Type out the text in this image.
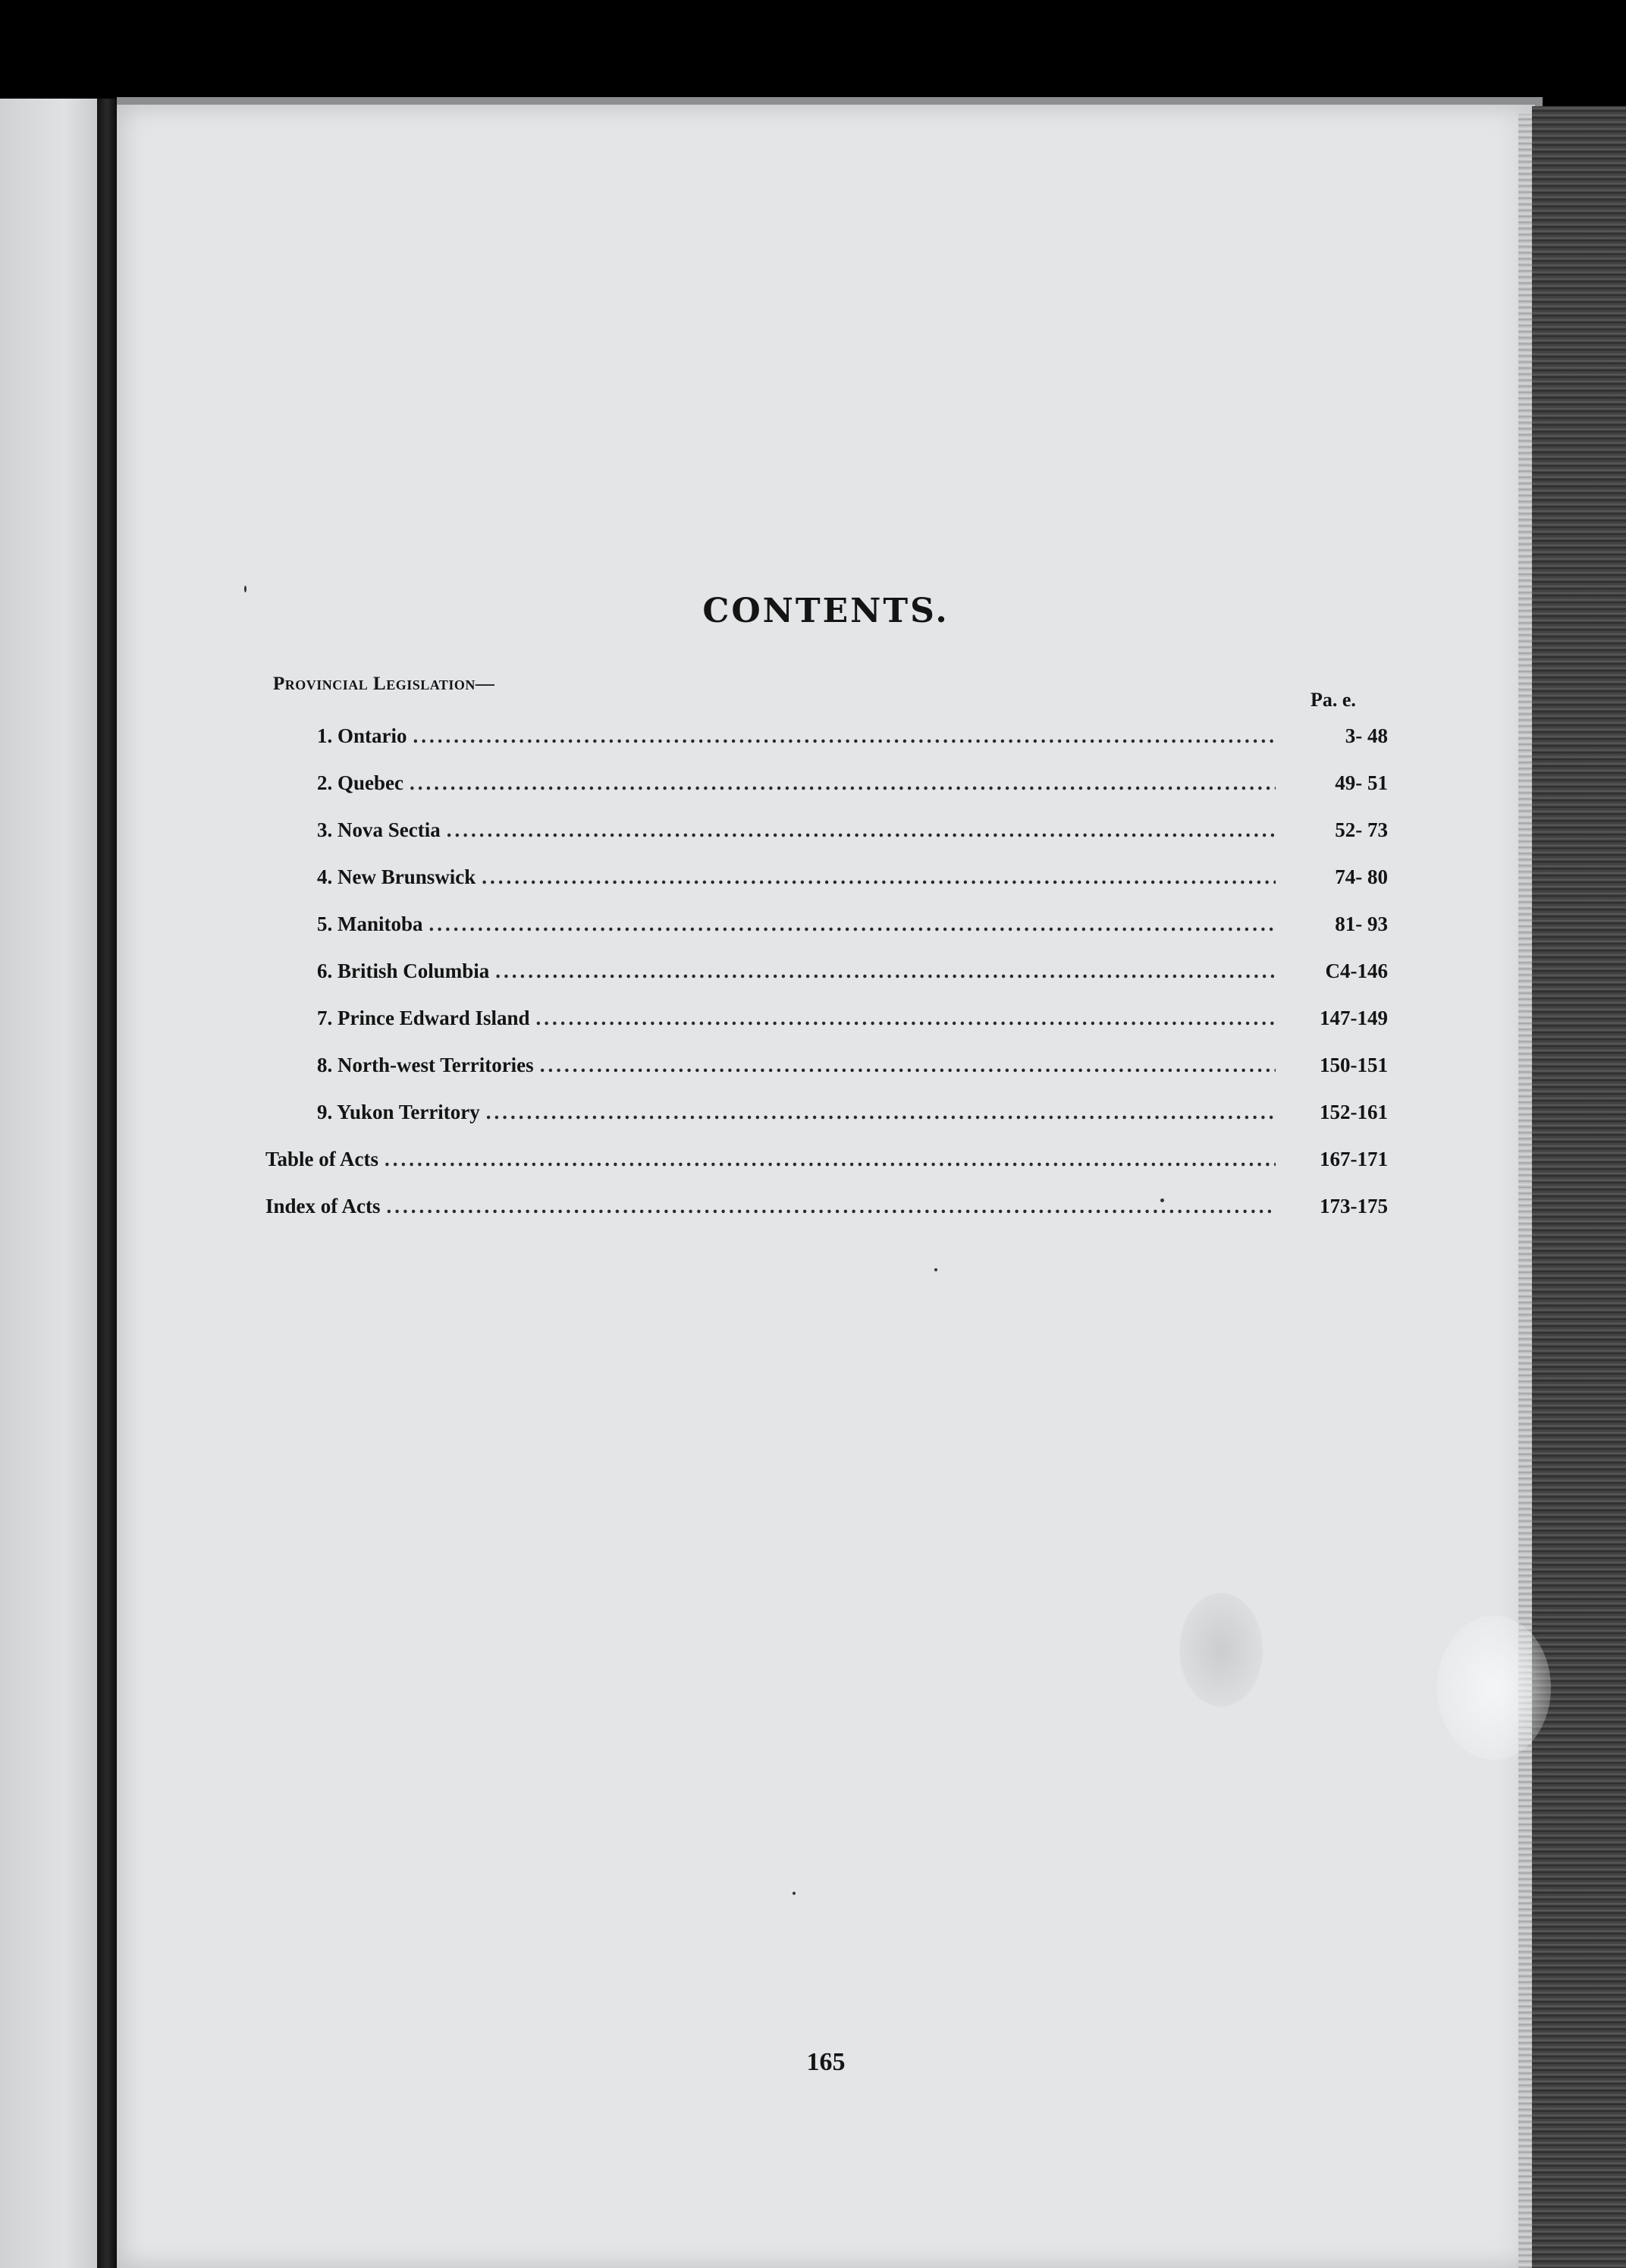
CONTENTS.
Provincial Legislation—
Pa. e.
1. Ontario .....	3- 48
2. Quebec .....	49- 51
3. Nova Sectia .....	52- 73
4. New Brunswick .....	74- 80
5. Manitoba .....	81- 93
6. British Columbia .....	C4-146
7. Prince Edward Island .....	147-149
8. North-west Territories .....	150-151
9. Yukon Territory .....	152-161
Table of Acts .....	167-171
Index of Acts .....	173-175
165
